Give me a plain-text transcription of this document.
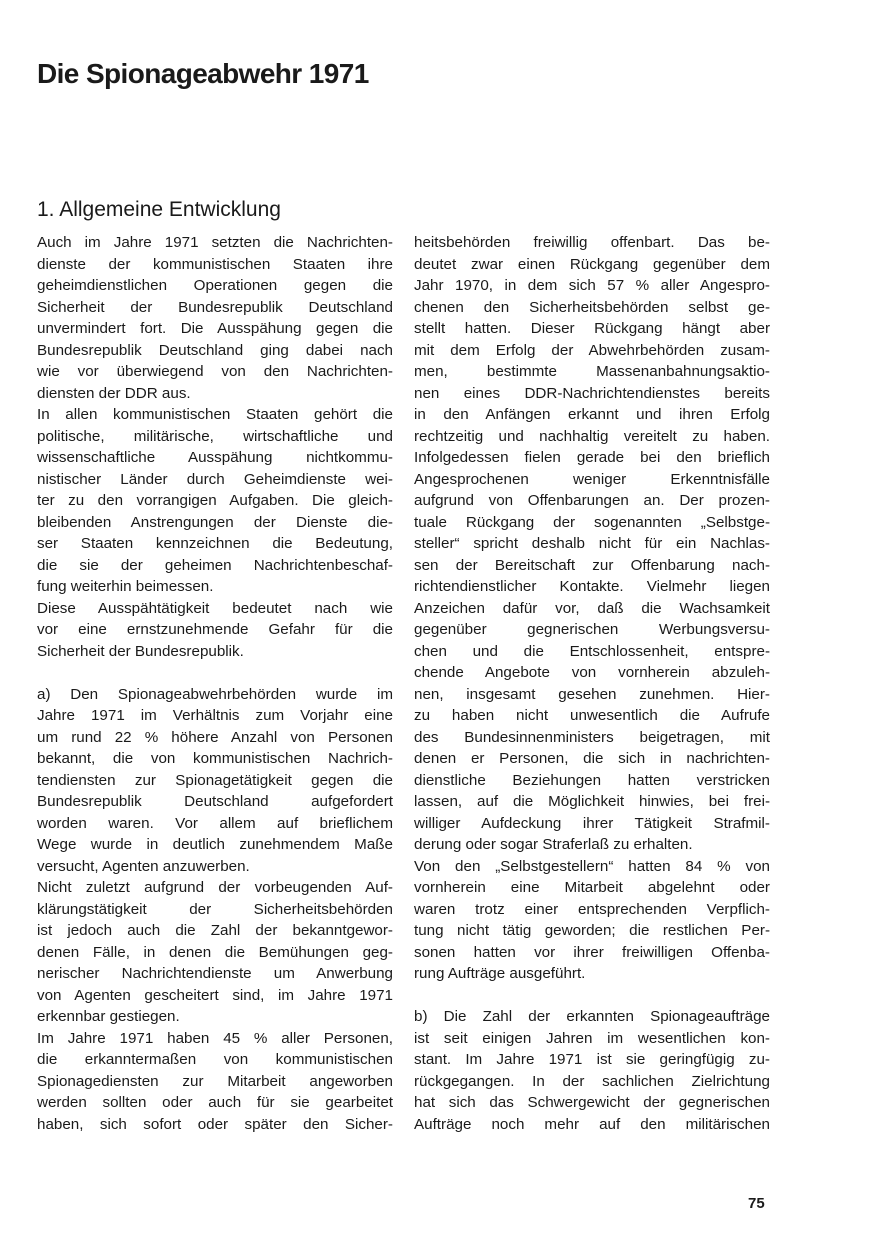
Die Spionageabwehr 1971
1. Allgemeine Entwicklung
Auch im Jahre 1971 setzten die Nachrichten-
dienste der kommunistischen Staaten ihre
geheimdienstlichen Operationen gegen die
Sicherheit der Bundesrepublik Deutschland
unvermindert fort. Die Ausspähung gegen die
Bundesrepublik Deutschland ging dabei nach
wie vor überwiegend von den Nachrichten-
diensten der DDR aus.
In allen kommunistischen Staaten gehört die
politische, militärische, wirtschaftliche und
wissenschaftliche Ausspähung nichtkommu-
nistischer Länder durch Geheimdienste wei-
ter zu den vorrangigen Aufgaben. Die gleich-
bleibenden Anstrengungen der Dienste die-
ser Staaten kennzeichnen die Bedeutung,
die sie der geheimen Nachrichtenbeschaf-
fung weiterhin beimessen.
Diese Ausspähtätigkeit bedeutet nach wie
vor eine ernstzunehmende Gefahr für die
Sicherheit der Bundesrepublik.
a) Den Spionageabwehrbehörden wurde im
Jahre 1971 im Verhältnis zum Vorjahr eine
um rund 22 % höhere Anzahl von Personen
bekannt, die von kommunistischen Nachrich-
tendiensten zur Spionagetätigkeit gegen die
Bundesrepublik Deutschland aufgefordert
worden waren. Vor allem auf brieflichem
Wege wurde in deutlich zunehmendem Maße
versucht, Agenten anzuwerben.
Nicht zuletzt aufgrund der vorbeugenden Auf-
klärungstätigkeit der Sicherheitsbehörden
ist jedoch auch die Zahl der bekanntgewor-
denen Fälle, in denen die Bemühungen geg-
nerischer Nachrichtendienste um Anwerbung
von Agenten gescheitert sind, im Jahre 1971
erkennbar gestiegen.
Im Jahre 1971 haben 45 % aller Personen,
die erkanntermaßen von kommunistischen
Spionagediensten zur Mitarbeit angeworben
werden sollten oder auch für sie gearbeitet
haben, sich sofort oder später den Sicher-
heitsbehörden freiwillig offenbart. Das be-
deutet zwar einen Rückgang gegenüber dem
Jahr 1970, in dem sich 57 % aller Angespro-
chenen den Sicherheitsbehörden selbst ge-
stellt hatten. Dieser Rückgang hängt aber
mit dem Erfolg der Abwehrbehörden zusam-
men, bestimmte Massenanbahnungsaktio-
nen eines DDR-Nachrichtendienstes bereits
in den Anfängen erkannt und ihren Erfolg
rechtzeitig und nachhaltig vereitelt zu haben.
Infolgedessen fielen gerade bei den brieflich
Angesprochenen weniger Erkenntnisfälle
aufgrund von Offenbarungen an. Der prozen-
tuale Rückgang der sogenannten „Selbstge-
steller“ spricht deshalb nicht für ein Nachlas-
sen der Bereitschaft zur Offenbarung nach-
richtendienstlicher Kontakte. Vielmehr liegen
Anzeichen dafür vor, daß die Wachsamkeit
gegenüber gegnerischen Werbungsversu-
chen und die Entschlossenheit, entspre-
chende Angebote von vornherein abzuleh-
nen, insgesamt gesehen zunehmen. Hier-
zu haben nicht unwesentlich die Aufrufe
des Bundesinnenministers beigetragen, mit
denen er Personen, die sich in nachrichten-
dienstliche Beziehungen hatten verstricken
lassen, auf die Möglichkeit hinwies, bei frei-
williger Aufdeckung ihrer Tätigkeit Strafmil-
derung oder sogar Straferlaß zu erhalten.
Von den „Selbstgestellern“ hatten 84 % von
vornherein eine Mitarbeit abgelehnt oder
waren trotz einer entsprechenden Verpflich-
tung nicht tätig geworden; die restlichen Per-
sonen hatten vor ihrer freiwilligen Offenba-
rung Aufträge ausgeführt.
b) Die Zahl der erkannten Spionageaufträge
ist seit einigen Jahren im wesentlichen kon-
stant. Im Jahre 1971 ist sie geringfügig zu-
rückgegangen. In der sachlichen Zielrichtung
hat sich das Schwergewicht der gegnerischen
Aufträge noch mehr auf den militärischen
75
